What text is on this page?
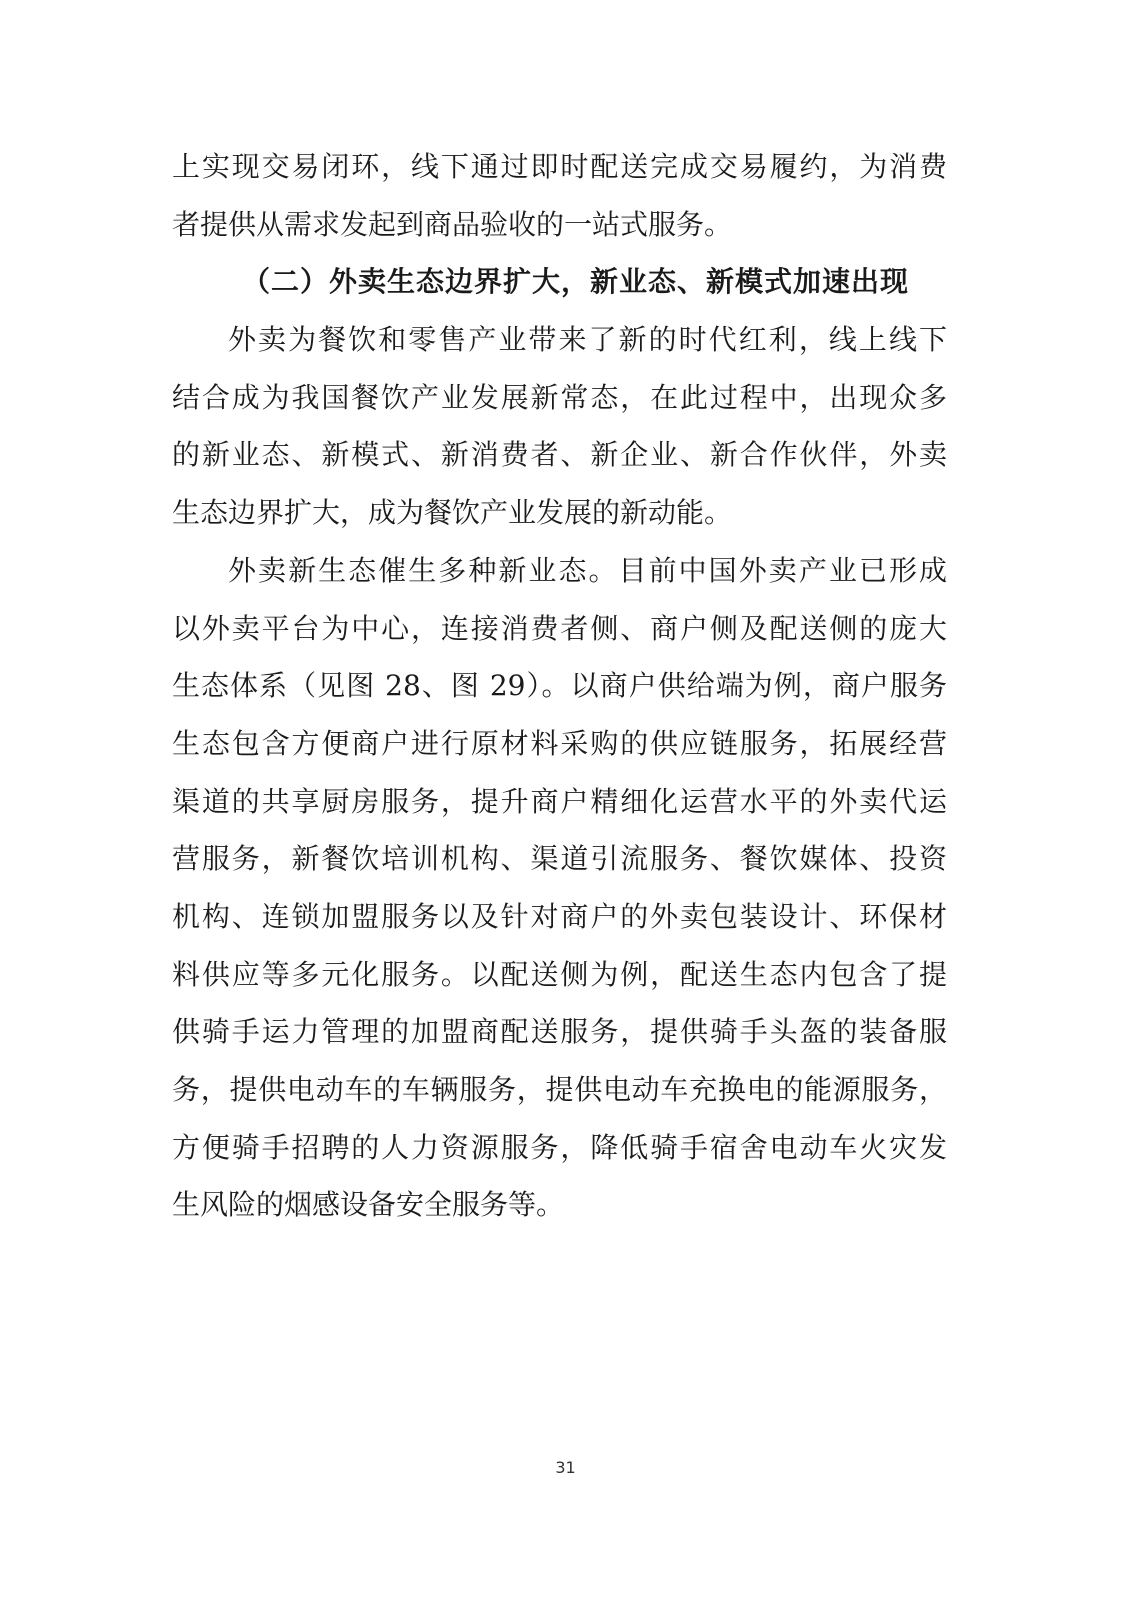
上实现交易闭环，线下通过即时配送完成交易履约，为消费
者提供从需求发起到商品验收的一站式服务。
（二）外卖生态边界扩大，新业态、新模式加速出现
外卖为餐饮和零售产业带来了新的时代红利，线上线下
结合成为我国餐饮产业发展新常态，在此过程中，出现众多
的新业态、新模式、新消费者、新企业、新合作伙伴，外卖
生态边界扩大，成为餐饮产业发展的新动能。
外卖新生态催生多种新业态。目前中国外卖产业已形成
以外卖平台为中心，连接消费者侧、商户侧及配送侧的庞大
生态体系（见图 28、图 29）。以商户供给端为例，商户服务
生态包含方便商户进行原材料采购的供应链服务，拓展经营
渠道的共享厨房服务，提升商户精细化运营水平的外卖代运
营服务，新餐饮培训机构、渠道引流服务、餐饮媒体、投资
机构、连锁加盟服务以及针对商户的外卖包装设计、环保材
料供应等多元化服务。以配送侧为例，配送生态内包含了提
供骑手运力管理的加盟商配送服务，提供骑手头盔的装备服
务，提供电动车的车辆服务，提供电动车充换电的能源服务，
方便骑手招聘的人力资源服务，降低骑手宿舍电动车火灾发
生风险的烟感设备安全服务等。
31
